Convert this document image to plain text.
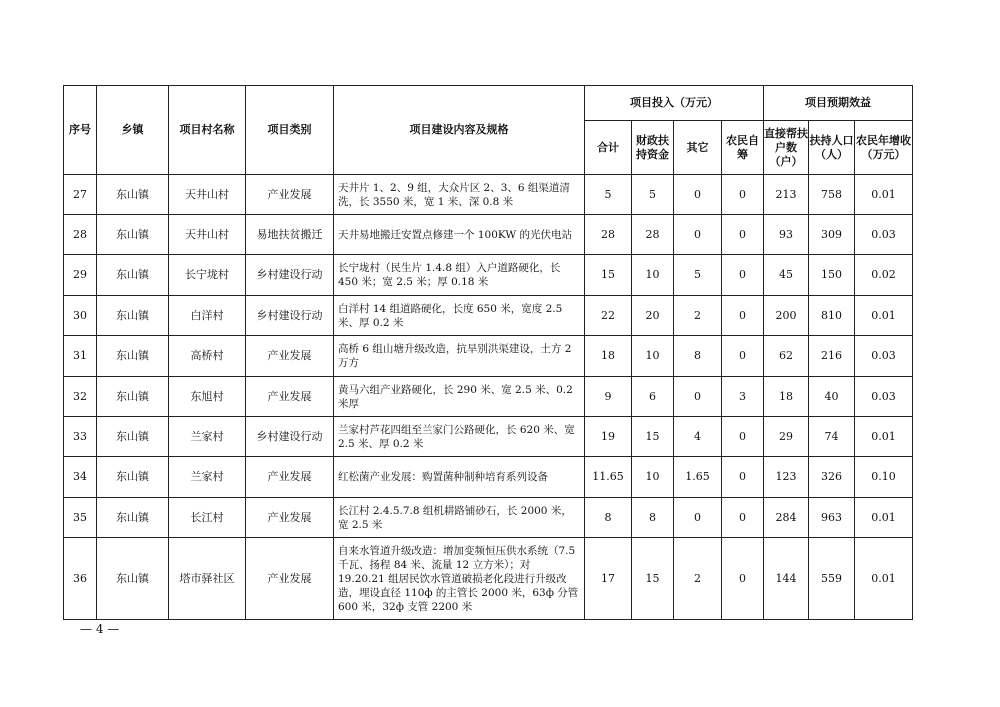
序号	乡镇	项目村名称	项目类别	项目建设内容及规格	项目投入（万元）				项目预期效益		
					合计	财政扶持资金	其它	农民自筹	直接帮扶户数（户）	扶持人口（人）	农民年增收（万元）
27	东山镇	天井山村	产业发展	天井片 1、2、9 组，大众片区 2、3、6 组渠道清洗，长 3550 米，宽 1 米、深 0.8 米	5	5	0	0	213	758	0.01
28	东山镇	天井山村	易地扶贫搬迁	天井易地搬迁安置点修建一个 100KW 的光伏电站	28	28	0	0	93	309	0.03
29	东山镇	长宁垅村	乡村建设行动	长宁垅村（民生片 1.4.8 组）入户道路硬化，长 450 米；宽 2.5 米；厚 0.18 米	15	10	5	0	45	150	0.02
30	东山镇	白洋村	乡村建设行动	白洋村 14 组道路硬化，长度 650 米，宽度 2.5 米、厚 0.2 米	22	20	2	0	200	810	0.01
31	东山镇	高桥村	产业发展	高桥 6 组山塘升级改造，抗旱别洪渠建设，土方 2 万方	18	10	8	0	62	216	0.03
32	东山镇	东旭村	产业发展	黄马六组产业路硬化，长 290 米、宽 2.5 米、0.2 米厚	9	6	0	3	18	40	0.03
33	东山镇	兰家村	乡村建设行动	兰家村芦花四组至兰家门公路硬化，长 620 米、宽 2.5 米、厚 0.2 米	19	15	4	0	29	74	0.01
34	东山镇	兰家村	产业发展	红松菌产业发展：购置菌种制种培育系列设备	11.65	10	1.65	0	123	326	0.10
35	东山镇	长江村	产业发展	长江村 2.4.5.7.8 组机耕路铺砂石，长 2000 米，宽 2.5 米	8	8	0	0	284	963	0.01
36	东山镇	塔市驿社区	产业发展	自来水管道升级改造：增加变频恒压供水系统（7.5 千瓦、扬程 84 米、流量 12 立方米）；对 19.20.21 组居民饮水管道破损老化段进行升级改造，埋设直径 110ф 的主管长 2000 米，63ф 分管 600 米，32ф 支管 2200 米	17	15	2	0	144	559	0.01
— 4 —
